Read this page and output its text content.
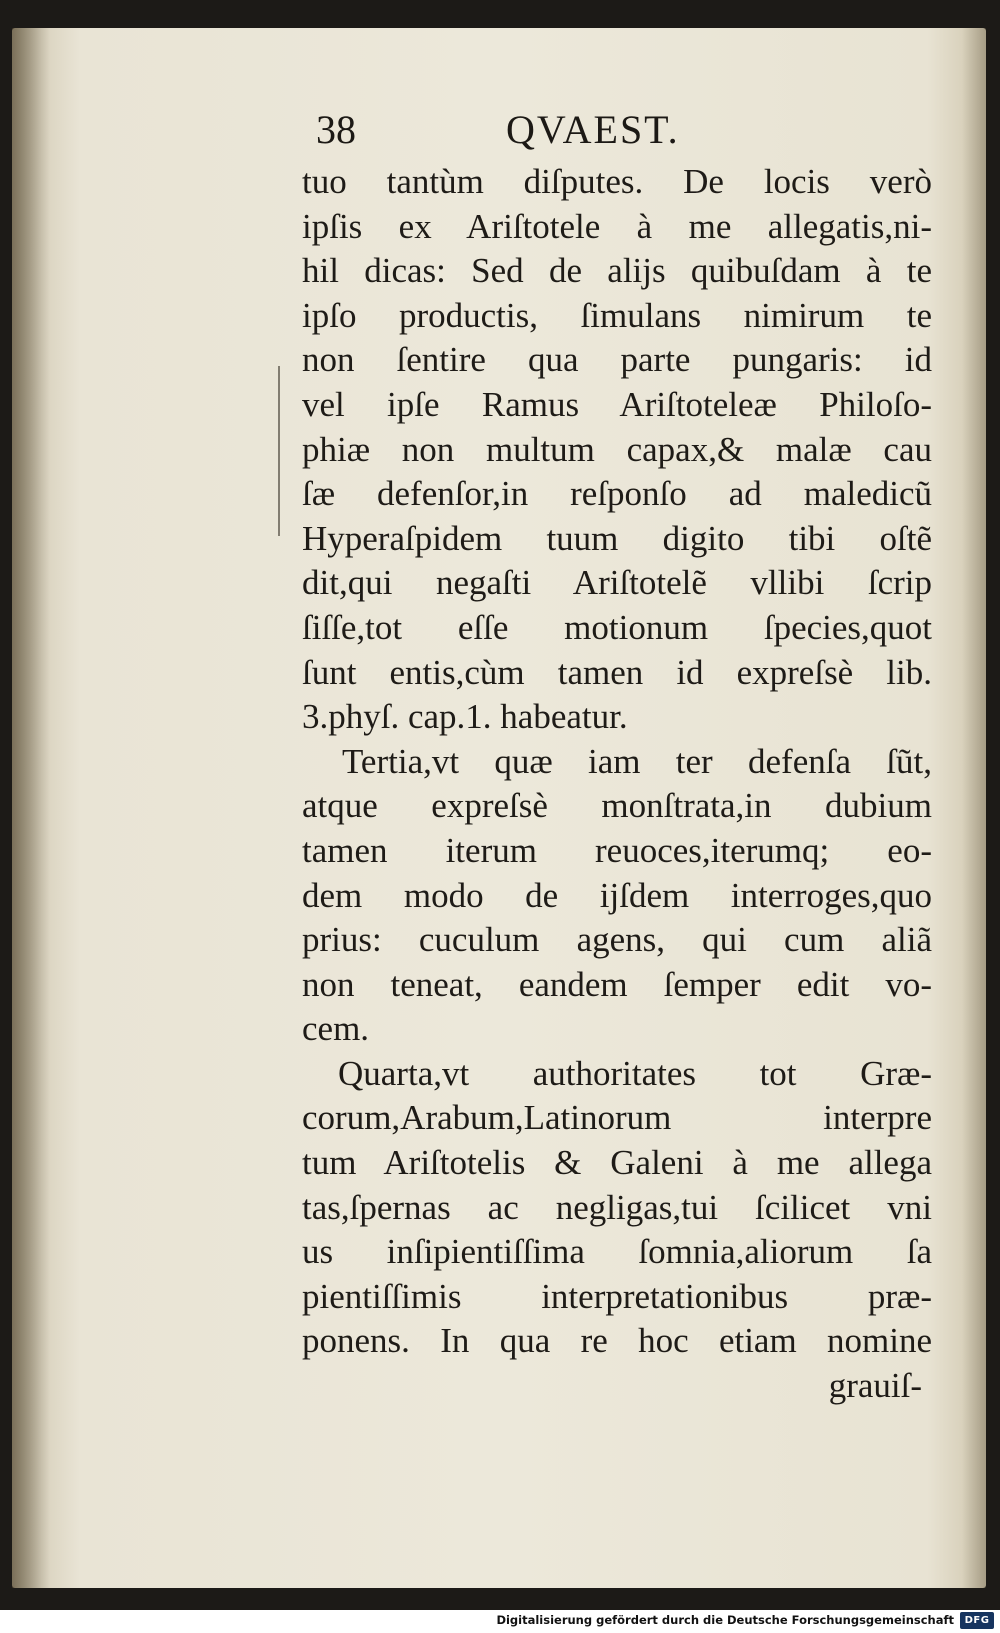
38	QVAEST.
tuo tantùm diſputes. De locis verò
ipſis ex Ariſtotele à me allegatis,ni-
hil dicas: Sed de aliјs quibuſdam à te
ipſo productis, ſimulans nimirum te
non ſentire qua parte pungaris: id
vel ipſe Ramus Ariſtoteleæ Philoſo-
phiæ non multum capax,& malæ cau
ſæ defenſor,in reſponſo ad maledicũ
Hyperaſpidem tuum digito tibi oſtẽ
dit,qui negaſti Ariſtotelẽ vllibi ſcrip
ſiſſe,tot eſſe motionum ſpecies,quot
ſunt entis,cùm tamen id expreſsè lib.
3.phyſ. cap.1. habeatur.
Tertia,vt quæ iam ter defenſa ſũt,
atque expreſsè monſtrata,in dubium
tamen iterum reuoces,iterumq; eo-
dem modo de ijſdem interroges,quo
prius: cuculum agens, qui cum aliã
non teneat, eandem ſemper edit vo-
cem.
Quarta,vt authoritates tot Græ-
corum,Arabum,Latinorum interpre
tum Ariſtotelis & Galeni à me allega
tas,ſpernas ac negligas,tui ſcilicet vni
us inſipientiſſima ſomnia,aliorum ſa
pientiſſimis interpretationibus præ-
ponens. In qua re hoc etiam nomine
grauiſ-
Digitalisierung gefördert durch die Deutsche Forschungsgemeinschaft	DFG
